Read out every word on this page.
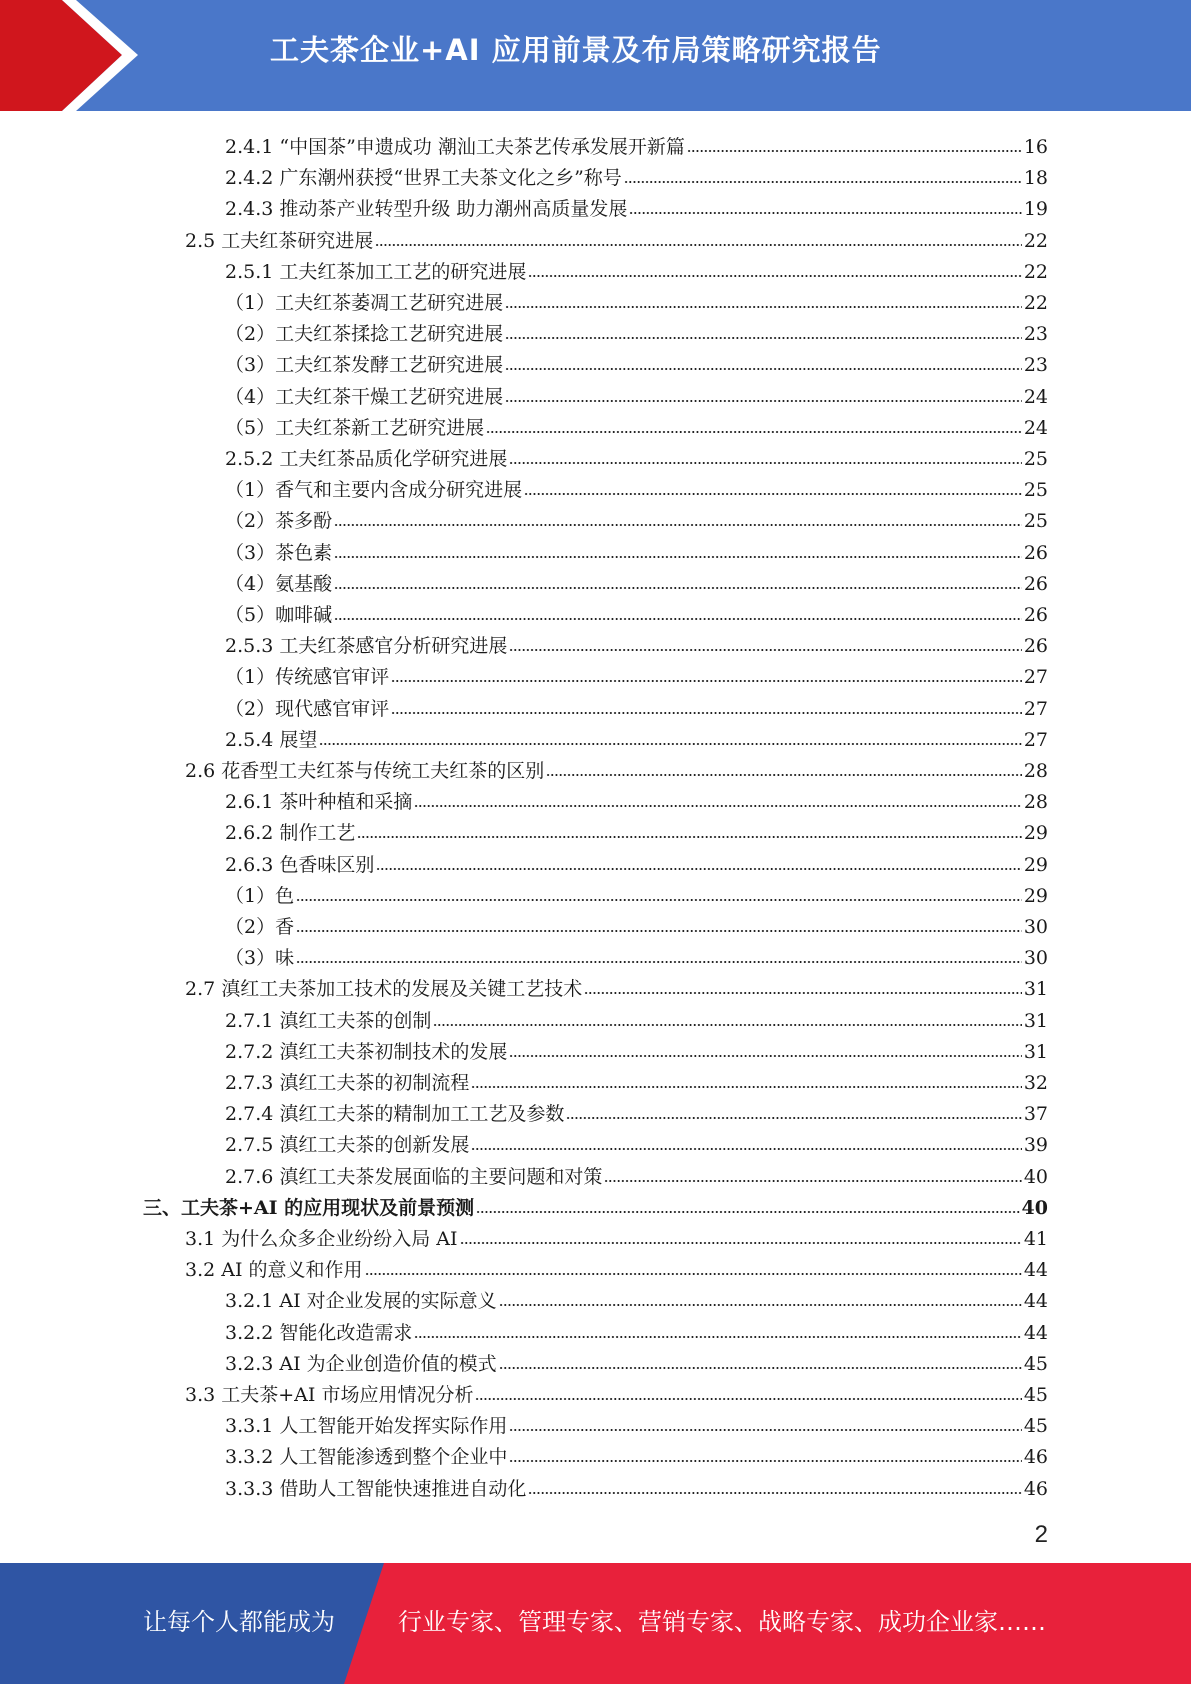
工夫茶企业+AI 应用前景及布局策略研究报告
2.4.1 “中国茶”申遗成功 潮汕工夫茶艺传承发展开新篇	16
2.4.2 广东潮州获授“世界工夫茶文化之乡”称号	18
2.4.3 推动茶产业转型升级 助力潮州高质量发展	19
2.5 工夫红茶研究进展	22
2.5.1 工夫红茶加工工艺的研究进展	22
（1）工夫红茶萎凋工艺研究进展	22
（2）工夫红茶揉捻工艺研究进展	23
（3）工夫红茶发酵工艺研究进展	23
（4）工夫红茶干燥工艺研究进展	24
（5）工夫红茶新工艺研究进展	24
2.5.2 工夫红茶品质化学研究进展	25
（1）香气和主要内含成分研究进展	25
（2）茶多酚	25
（3）茶色素	26
（4）氨基酸	26
（5）咖啡碱	26
2.5.3 工夫红茶感官分析研究进展	26
（1）传统感官审评	27
（2）现代感官审评	27
2.5.4 展望	27
2.6 花香型工夫红茶与传统工夫红茶的区别	28
2.6.1 茶叶种植和采摘	28
2.6.2 制作工艺	29
2.6.3 色香味区别	29
（1）色	29
（2）香	30
（3）味	30
2.7 滇红工夫茶加工技术的发展及关键工艺技术	31
2.7.1 滇红工夫茶的创制	31
2.7.2 滇红工夫茶初制技术的发展	31
2.7.3 滇红工夫茶的初制流程	32
2.7.4 滇红工夫茶的精制加工工艺及参数	37
2.7.5 滇红工夫茶的创新发展	39
2.7.6 滇红工夫茶发展面临的主要问题和对策	40
三、工夫茶+AI 的应用现状及前景预测	40
3.1 为什么众多企业纷纷入局 AI	41
3.2 AI 的意义和作用	44
3.2.1 AI 对企业发展的实际意义	44
3.2.2 智能化改造需求	44
3.2.3 AI 为企业创造价值的模式	45
3.3 工夫茶+AI 市场应用情况分析	45
3.3.1 人工智能开始发挥实际作用	45
3.3.2 人工智能渗透到整个企业中	46
3.3.3 借助人工智能快速推进自动化	46
2
让每个人都能成为	行业专家、管理专家、营销专家、战略专家、成功企业家……
